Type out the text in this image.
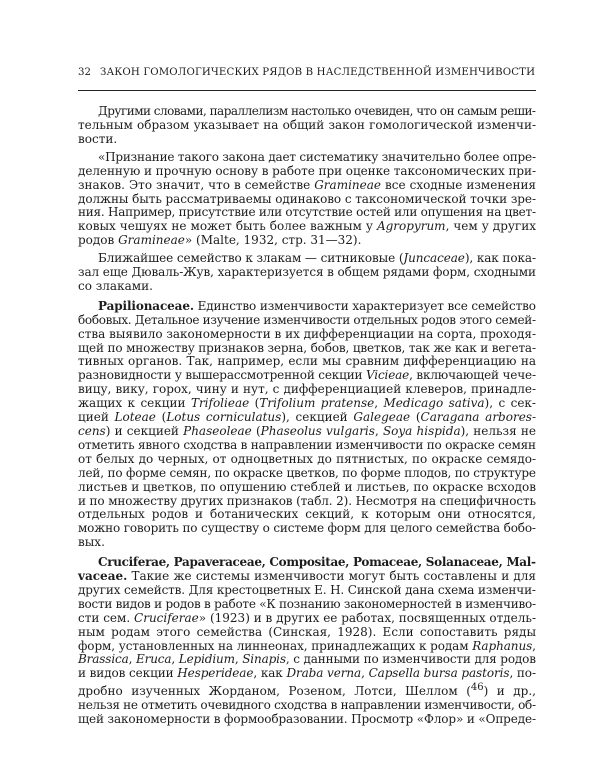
32 ЗАКОН ГОМОЛОГИЧЕСКИХ РЯДОВ В НАСЛЕДСТВЕННОЙ ИЗМЕНЧИВОСТИ

Другими словами, параллелизм настолько очевиден, что он самым реши-
тельным образом указывает на общий закон гомологической изменчи-
вости.

«Признание такого закона дает систематику значительно более опре-
деленную и прочную основу в работе при оценке таксономических при-
знаков. Это значит, что в семействе Gramineae все сходные изменения
должны быть рассматриваемы одинаково с таксономической точки зре-
ния. Например, присутствие или отсутствие остей или опушения на цвет-
ковых чешуях не может быть более важным у Agropyrum, чем у других
родов Gramineae» (Malte, 1932, стр. 31—32).

Ближайшее семейство к злакам — ситниковые (Juncaceae), как пока-
зал еще Дюваль-Жув, характеризуется в общем рядами форм, сходными
со злаками.

Papilionaceae. Единство изменчивости характеризует все семейство
бобовых. Детальное изучение изменчивости отдельных родов этого семей-
ства выявило закономерности в их дифференциации на сорта, проходя-
щей по множеству признаков зерна, бобов, цветков, так же как и вегета-
тивных органов. Так, например, если мы сравним дифференциацию на
разновидности у вышерассмотренной секции Vicieae, включающей чече-
вицу, вику, горох, чину и нут, с дифференциацией клеверов, принадле-
жащих к секции Trifolieae (Trifolium pratense, Medicago sativa), с сек-
цией Loteae (Lotus corniculatus), секцией Galegeae (Caragana arbores-
cens) и секцией Phaseoleae (Phaseolus vulgaris, Soya hispida), нельзя не
отметить явного сходства в направлении изменчивости по окраске семян
от белых до черных, от одноцветных до пятнистых, по окраске семядо-
лей, по форме семян, по окраске цветков, по форме плодов, по структуре
листьев и цветков, по опушению стеблей и листьев, по окраске всходов
и по множеству других признаков (табл. 2). Несмотря на специфичность
отдельных родов и ботанических секций, к которым они относятся,
можно говорить по существу о системе форм для целого семейства бобо-
вых.

Cruciferae, Papaveraceae, Compositae, Pomaceae, Solanaceae, Mal-
vaceae. Такие же системы изменчивости могут быть составлены и для
других семейств. Для крестоцветных Е. Н. Синской дана схема изменчи-
вости видов и родов в работе «К познанию закономерностей в изменчиво-
сти сем. Cruciferae» (1923) и в других ее работах, посвященных отдель-
ным родам этого семейства (Синская, 1928). Если сопоставить ряды
форм, установленных на линнеонах, принадлежащих к родам Raphanus,
Brassica, Eruca, Lepidium, Sinapis, с данными по изменчивости для родов
и видов секции Hesperideae, как Draba verna, Capsella bursa pastoris, по-
дробно изученных Жорданом, Розеном, Лотси, Шеллом ($^{46}$) и др.,
нельзя не отметить очевидного сходства в направлении изменчивости, об-
щей закономерности в формообразовании. Просмотр «Флор» и «Опреде-
